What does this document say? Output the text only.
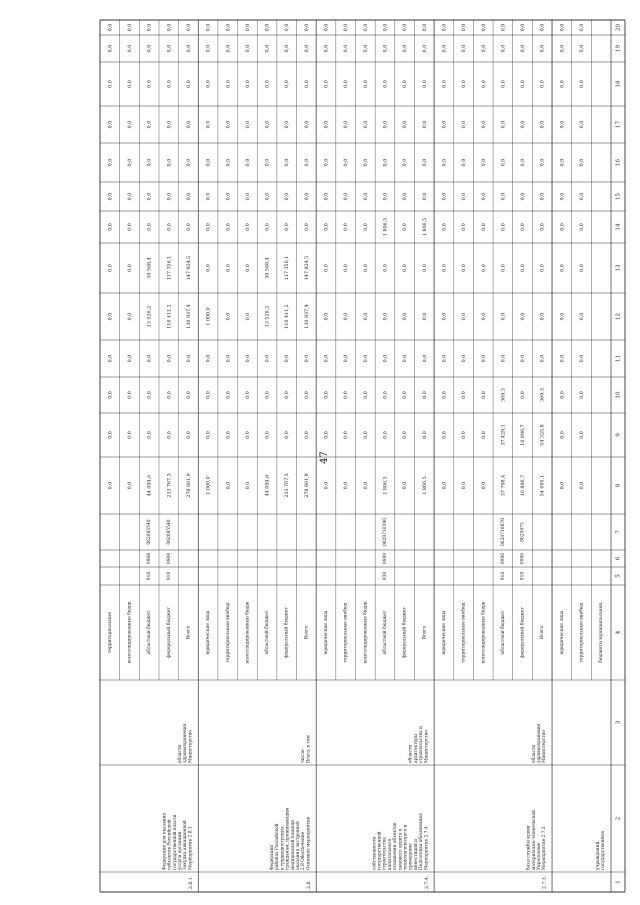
47
1
2
3
4
5
6
7
8
9
10
11
12
13
14
15
16
17
18
19
20
бюджеты муниципальных
государственных
учреждений
территориальные внебюд
0,0
0,0
0,0
0,0
0,0
0,0
0,0
0,0
0,0
0,0
0,0
0,0
0,0
юридические лица
0,0
0,0
0,0
0,0
0,0
0,0
0,0
0,0
0,0
0,0
0,0
0,0
0,0
Всего
54 695,1
54 325,8
369,3
0,0
0,0
0,0
0,0
0,0
0,0
0,0
0,0
0,0
0,0
2.7.3.
Мероприятие 2.7.3
Укрепление
материально-технической
базы службы крови
Министерство
здравоохранения
области
федеральный бюджет
918
0906
0625075
16 896,7
16 896,7
0,0
0,0
0,0
0,0
0,0
0,0
0,0
0,0
0,0
0,0
0,0
областной бюджет
918
0906
0620710870
37 798,4
37 429,1
369,3
0,0
0,0
0,0
0,0
0,0
0,0
0,0
0,0
0,0
0,0
консолидированные бюдж
0,0
0,0
0,0
0,0
0,0
0,0
0,0
0,0
0,0
0,0
0,0
0,0
0,0
территориальные внебюд
0,0
0,0
0,0
0,0
0,0
0,0
0,0
0,0
0,0
0,0
0,0
0,0
0,0
юридические лица
0,0
0,0
0,0
0,0
0,0
0,0
0,0
0,0
0,0
0,0
0,0
0,0
0,0
Всего
1 806,5
0,0
0,0
0,0
0,0
0,0
1 806,5
0,0
0,0
0,0
0,0
0,0
0,0
2.7.4.
Мероприятие 2.7.4
Подготовка обоснования
инвестиций и
проведение
технологического и
ценового аудита в
отношении объектов
капитального
строительства
государственной
собственности
Министерство
строительства и
архитектуры
области
федеральный бюджет
0,0
0,0
0,0
0,0
0,0
0,0
0,0
0,0
0,0
0,0
0,0
0,0
0,0
областной бюджет
938
0909
0620710340
1 806,5
0,0
0,0
0,0
0,0
0,0
1 806,5
0,0
0,0
0,0
0,0
0,0
0,0
консолидированные бюдж
0,0
0,0
0,0
0,0
0,0
0,0
0,0
0,0
0,0
0,0
0,0
0,0
0,0
территориальные внебюд
0,0
0,0
0,0
0,0
0,0
0,0
0,0
0,0
0,0
0,0
0,0
0,0
0,0
юридические лица
0,0
0,0
0,0
0,0
0,0
0,0
0,0
0,0
0,0
0,0
0,0
0,0
0,0
Всего
278 861,9
0,0
0,0
0,0
130 937,4
147 924,5
0,0
0,0
0,0
0,0
0,0
0,0
0,0
2.8.
Основное мероприятие
2.8 Обеспечение
оказания экстренной
медицинской помощи
гражданам, проживающим
в труднодоступных
районах Российской
Федерации
Всего, в том
числе:
федеральный бюджет
233 767,3
0,0
0,0
0,0
116 411,2
117 356,1
0,0
0,0
0,0
0,0
0,0
0,0
0,0
областной бюджет
44 094,6
0,0
0,0
0,0
13 526,2
30 568,4
0,0
0,0
0,0
0,0
0,0
0,0
0,0
консолидированные бюдж
0,0
0,0
0,0
0,0
0,0
0,0
0,0
0,0
0,0
0,0
0,0
0,0
0,0
территориальные внебюд
0,0
0,0
0,0
0,0
0,0
0,0
0,0
0,0
0,0
0,0
0,0
0,0
0,0
юридические лица
1 000,0
0,0
0,0
0,0
1 000,0
0,0
0,0
0,0
0,0
0,0
0,0
0,0
0,0
Всего
278 861,9
0,0
0,0
0,0
130 937,4
147 924,5
0,0
0,0
0,0
0,0
0,0
0,0
0,0
2.8.1.
Мероприятие 2.8.1
Закупка авиационной
услуги органами
государственной власти
субъектов Российской
Федерации для оказания
Министерство
здравоохранения
области
федеральный бюджет
918
0904
062085540
233 767,3
0,0
0,0
0,0
116 411,2
117 356,1
0,0
0,0
0,0
0,0
0,0
0,0
0,0
областной бюджет
918
0904
062085540
44 094,6
0,0
0,0
0,0
13 526,2
30 568,4
0,0
0,0
0,0
0,0
0,0
0,0
0,0
консолидированные бюдж
0,0
0,0
0,0
0,0
0,0
0,0
0,0
0,0
0,0
0,0
0,0
0,0
0,0
территориальные
0,0
0,0
0,0
0,0
0,0
0,0
0,0
0,0
0,0
0,0
0,0
0,0
0,0
